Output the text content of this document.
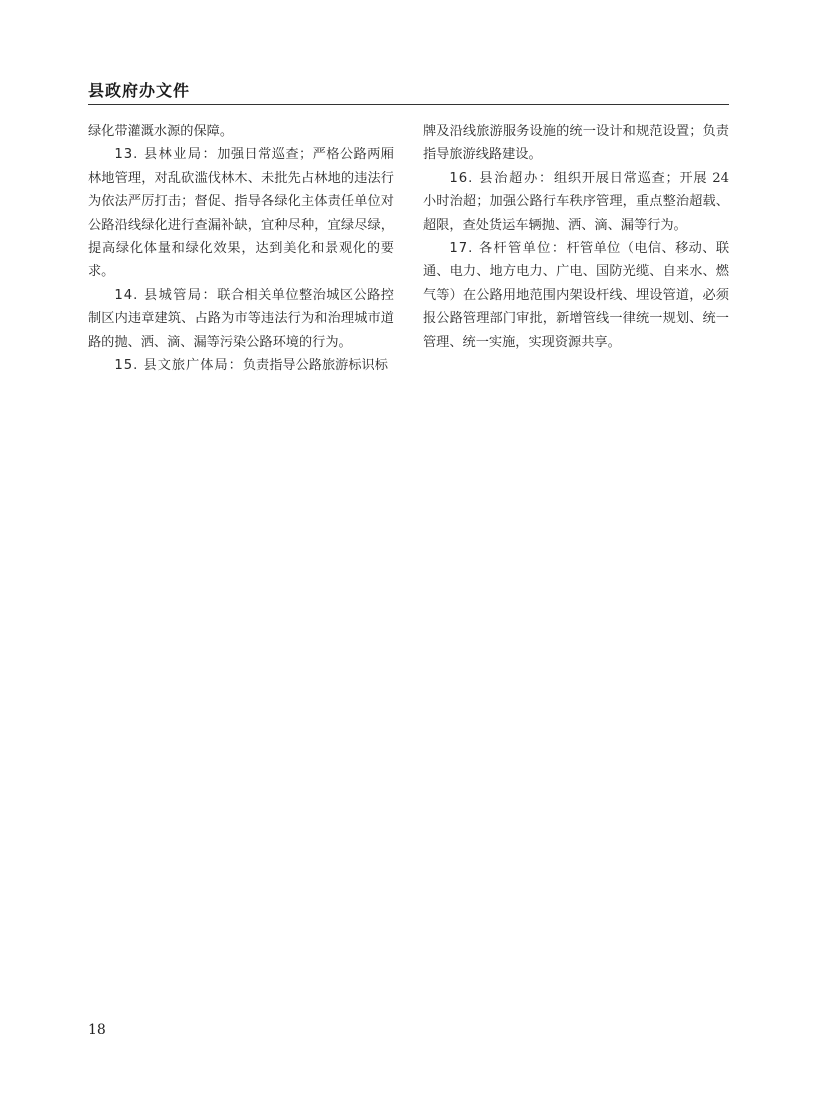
县政府办文件

绿化带灌溉水源的保障。

13. 县林业局：加强日常巡查；严格公路两厢林地管理，对乱砍滥伐林木、未批先占林地的违法行为依法严厉打击；督促、指导各绿化主体责任单位对公路沿线绿化进行查漏补缺，宜种尽种，宜绿尽绿，提高绿化体量和绿化效果，达到美化和景观化的要求。

14. 县城管局：联合相关单位整治城区公路控制区内违章建筑、占路为市等违法行为和治理城市道路的抛、洒、滴、漏等污染公路环境的行为。

15. 县文旅广体局：负责指导公路旅游标识标

牌及沿线旅游服务设施的统一设计和规范设置；负责指导旅游线路建设。

16. 县治超办：组织开展日常巡查；开展 24 小时治超；加强公路行车秩序管理，重点整治超载、超限，查处货运车辆抛、洒、滴、漏等行为。

17. 各杆管单位：杆管单位（电信、移动、联通、电力、地方电力、广电、国防光缆、自来水、燃气等）在公路用地范围内架设杆线、埋设管道，必须报公路管理部门审批，新增管线一律统一规划、统一管理、统一实施，实现资源共享。

18
